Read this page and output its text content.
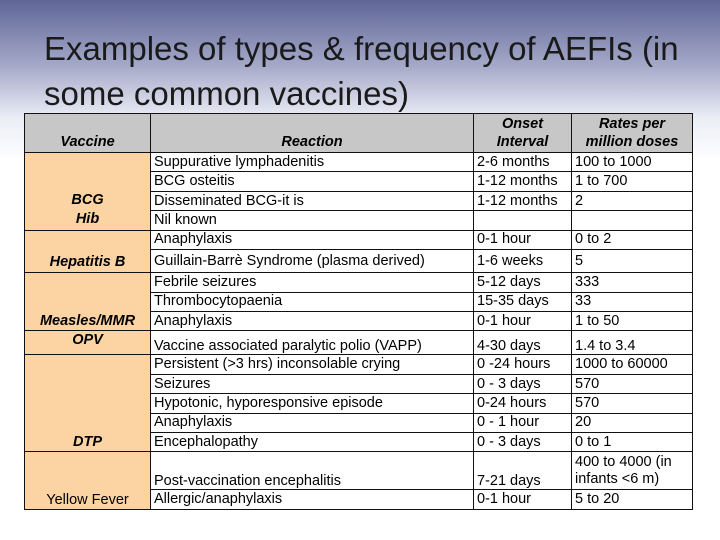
Examples of types & frequency of AEFIs (in some common vaccines)
Vaccine	Reaction	Onset Interval	Rates per million doses

BCG Hib	Suppurative lymphadenitis	2-6 months	100 to 1000
	BCG osteitis	1-12 months	1 to 700
	Disseminated BCG-it is	1-12 months	2
	Nil known		
Hepatitis B	Anaphylaxis	0-1 hour	0 to 2
	Guillain-Barrè Syndrome (plasma derived)	1-6 weeks	5
Measles/MMR	Febrile seizures	5-12 days	333
	Thrombocytopaenia	15-35 days	33
	Anaphylaxis	0-1 hour	1 to 50
OPV	Vaccine associated paralytic polio (VAPP)	4-30 days	1.4 to 3.4
DTP	Persistent (>3 hrs) inconsolable crying	0 -24 hours	1000 to 60000
	Seizures	0 - 3 days	570
	Hypotonic, hyporesponsive episode	0-24 hours	570
	Anaphylaxis	0 - 1 hour	20
	Encephalopathy	0 - 3 days	0 to 1
Yellow Fever	Post-vaccination encephalitis	7-21 days	400 to 4000 (in infants <6 m)
	Allergic/anaphylaxis	0-1 hour	5 to 20
